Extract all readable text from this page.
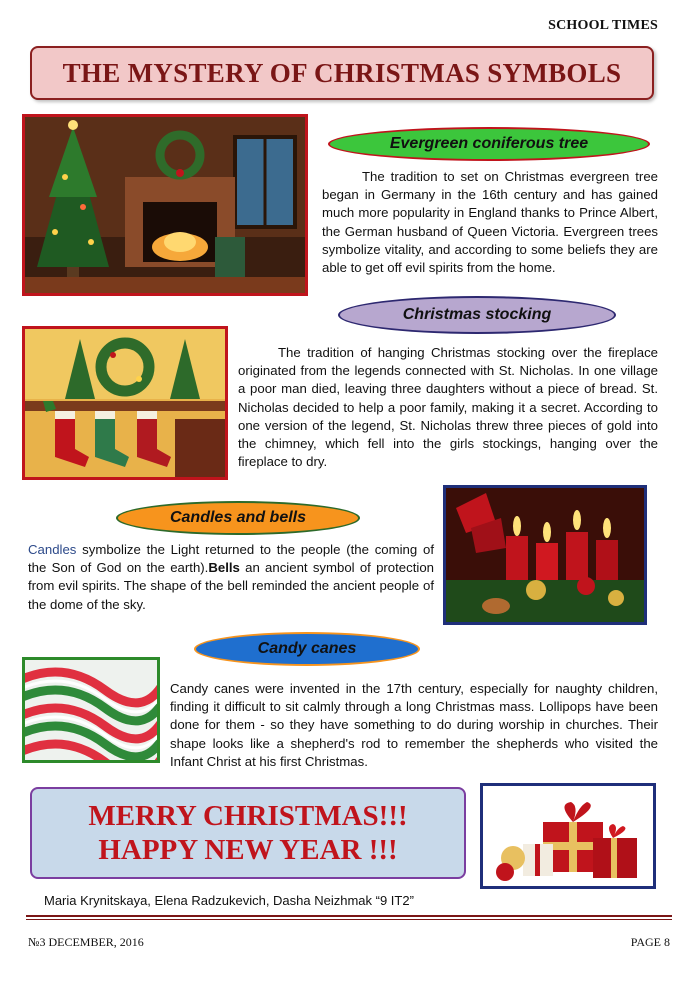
SCHOOL TIMES
THE MYSTERY OF CHRISTMAS SYMBOLS
Evergreen coniferous tree
The tradition to set on Christmas evergreen tree began in Germany in the 16th century and has gained much more popularity in England thanks to Prince Albert, the German husband of Queen Victoria. Evergreen trees symbolize vitality, and according to some beliefs they are able to get off evil spirits from the home.
Christmas stocking
The tradition of hanging Christmas stocking over the fireplace originated from the legends connected with St. Nicholas. In one village a poor man died, leaving three daughters without a piece of bread. St. Nicholas decided to help a poor family, making it a secret. According to one version of the legend, St. Nicholas threw three pieces of gold into the chimney, which fell into the girls stockings, hanging over the fireplace to dry.
Candles and bells
Candles symbolize the Light returned to the people (the coming of the Son of God on the earth).Bells an ancient symbol of protection from evil spirits. The shape of the bell reminded the ancient people of the dome of the sky.
Candy canes
Candy canes were invented in the 17th century, especially for naughty children, finding it difficult to sit calmly through a long Christmas mass. Lollipops have been done for them - so they have something to do during worship in churches. Their shape looks like a shepherd's rod to remember the shepherds who visited the Infant Christ at his first Christmas.
MERRY CHRISTMAS!!!
HAPPY NEW YEAR !!!
Maria Krynitskaya, Elena Radzukevich, Dasha Neizhmak “9 IT2”
№3 DECEMBER, 2016	PAGE 8
